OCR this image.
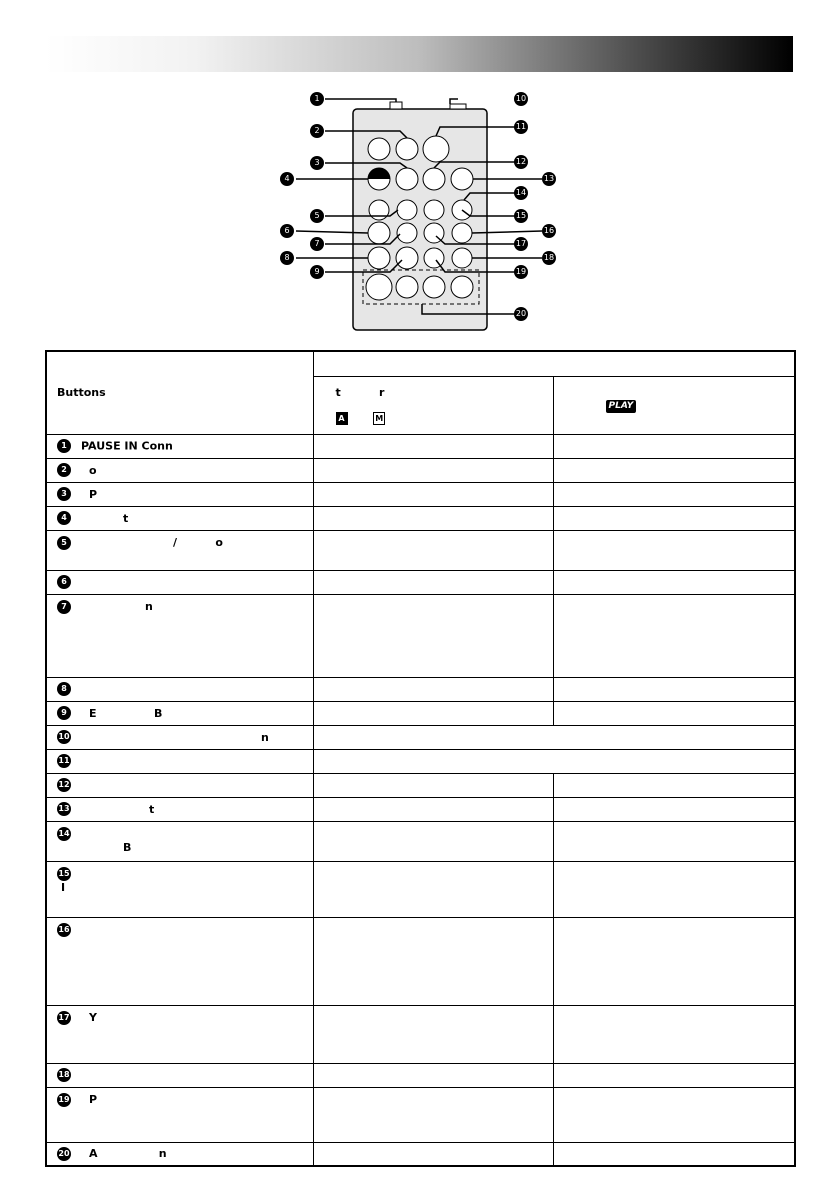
1
2
3
4
5
6
7
8
9
10
11
12
13
14
15
16
17
18
19
20
Buttons		

	t          r
A M	PLAY
1 PAUSE IN Conn		
2 o		
3 P		
4 t		
5 /          o		
6		
7 n		
8		
9 E               B		
10 n		
11		
12		
13 t		
14
B		
15
I		
16		
17 Y		
18		
19 P		
20 A                n		
